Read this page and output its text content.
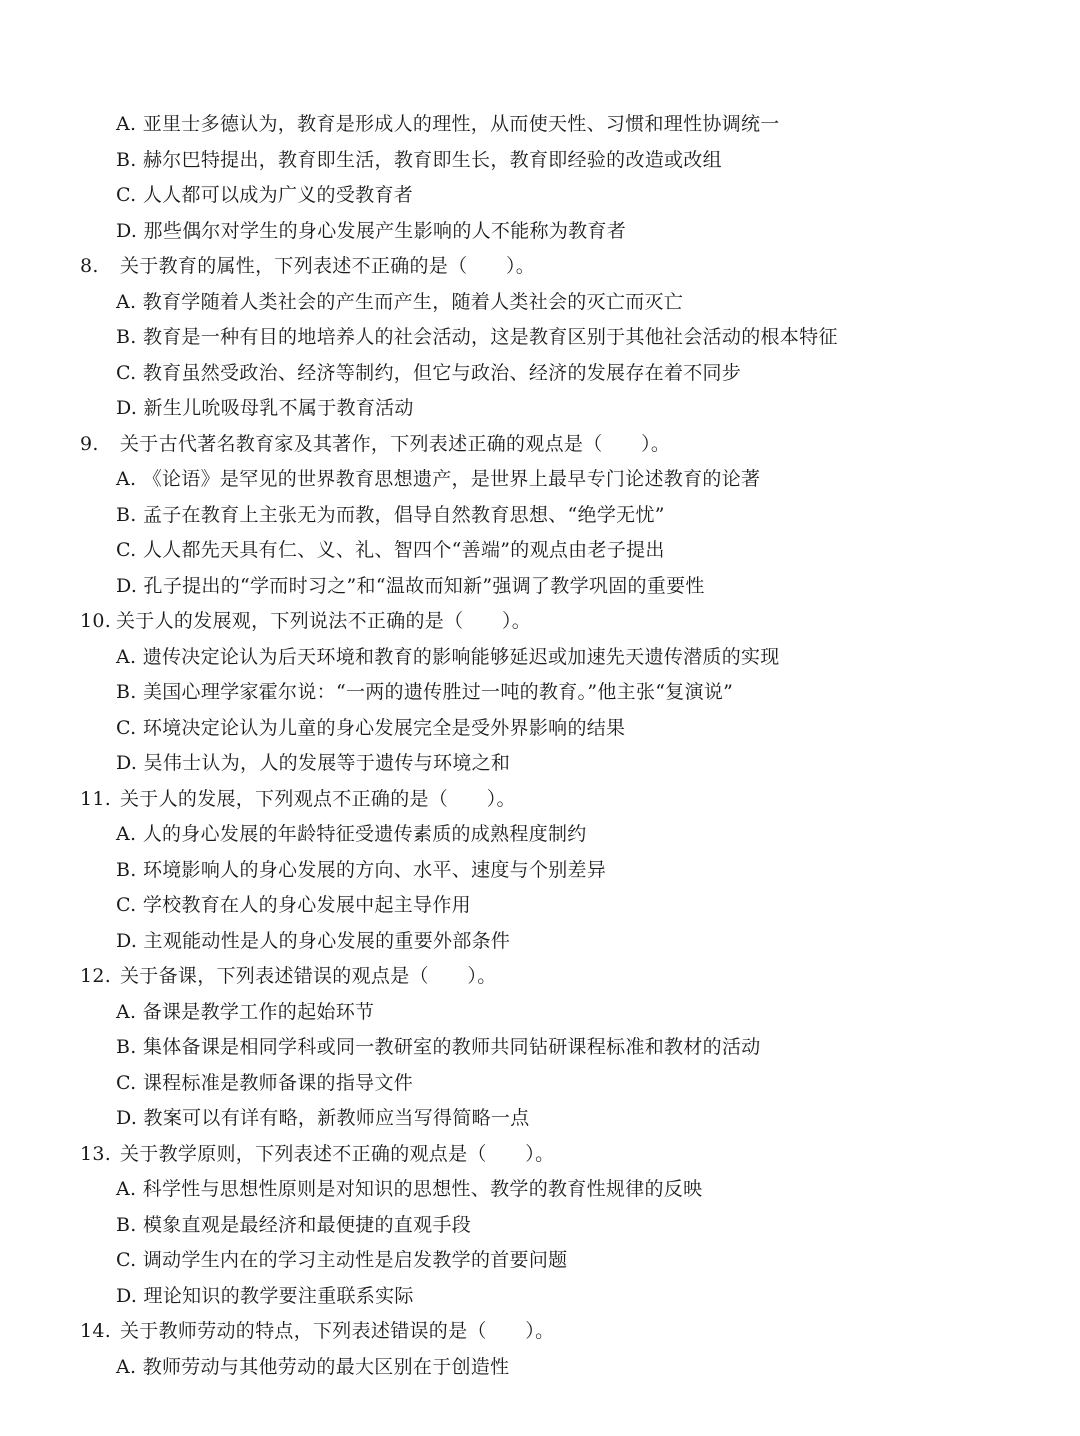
A. 亚里士多德认为，教育是形成人的理性，从而使天性、习惯和理性协调统一
B. 赫尔巴特提出，教育即生活，教育即生长，教育即经验的改造或改组
C. 人人都可以成为广义的受教育者
D. 那些偶尔对学生的身心发展产生影响的人不能称为教育者
8. 关于教育的属性，下列表述不正确的是（　　）。
A. 教育学随着人类社会的产生而产生，随着人类社会的灭亡而灭亡
B. 教育是一种有目的地培养人的社会活动，这是教育区别于其他社会活动的根本特征
C. 教育虽然受政治、经济等制约，但它与政治、经济的发展存在着不同步
D. 新生儿吮吸母乳不属于教育活动
9. 关于古代著名教育家及其著作，下列表述正确的观点是（　　）。
A. 《论语》是罕见的世界教育思想遗产，是世界上最早专门论述教育的论著
B. 孟子在教育上主张无为而教，倡导自然教育思想、“绝学无忧”
C. 人人都先天具有仁、义、礼、智四个“善端”的观点由老子提出
D. 孔子提出的“学而时习之”和“温故而知新”强调了教学巩固的重要性
10. 关于人的发展观，下列说法不正确的是（　　）。
A. 遗传决定论认为后天环境和教育的影响能够延迟或加速先天遗传潜质的实现
B. 美国心理学家霍尔说：“一两的遗传胜过一吨的教育。”他主张“复演说”
C. 环境决定论认为儿童的身心发展完全是受外界影响的结果
D. 吴伟士认为，人的发展等于遗传与环境之和
11. 关于人的发展，下列观点不正确的是（　　）。
A. 人的身心发展的年龄特征受遗传素质的成熟程度制约
B. 环境影响人的身心发展的方向、水平、速度与个别差异
C. 学校教育在人的身心发展中起主导作用
D. 主观能动性是人的身心发展的重要外部条件
12. 关于备课，下列表述错误的观点是（　　）。
A. 备课是教学工作的起始环节
B. 集体备课是相同学科或同一教研室的教师共同钻研课程标准和教材的活动
C. 课程标准是教师备课的指导文件
D. 教案可以有详有略，新教师应当写得简略一点
13. 关于教学原则，下列表述不正确的观点是（　　）。
A. 科学性与思想性原则是对知识的思想性、教学的教育性规律的反映
B. 模象直观是最经济和最便捷的直观手段
C. 调动学生内在的学习主动性是启发教学的首要问题
D. 理论知识的教学要注重联系实际
14. 关于教师劳动的特点，下列表述错误的是（　　）。
A. 教师劳动与其他劳动的最大区别在于创造性
